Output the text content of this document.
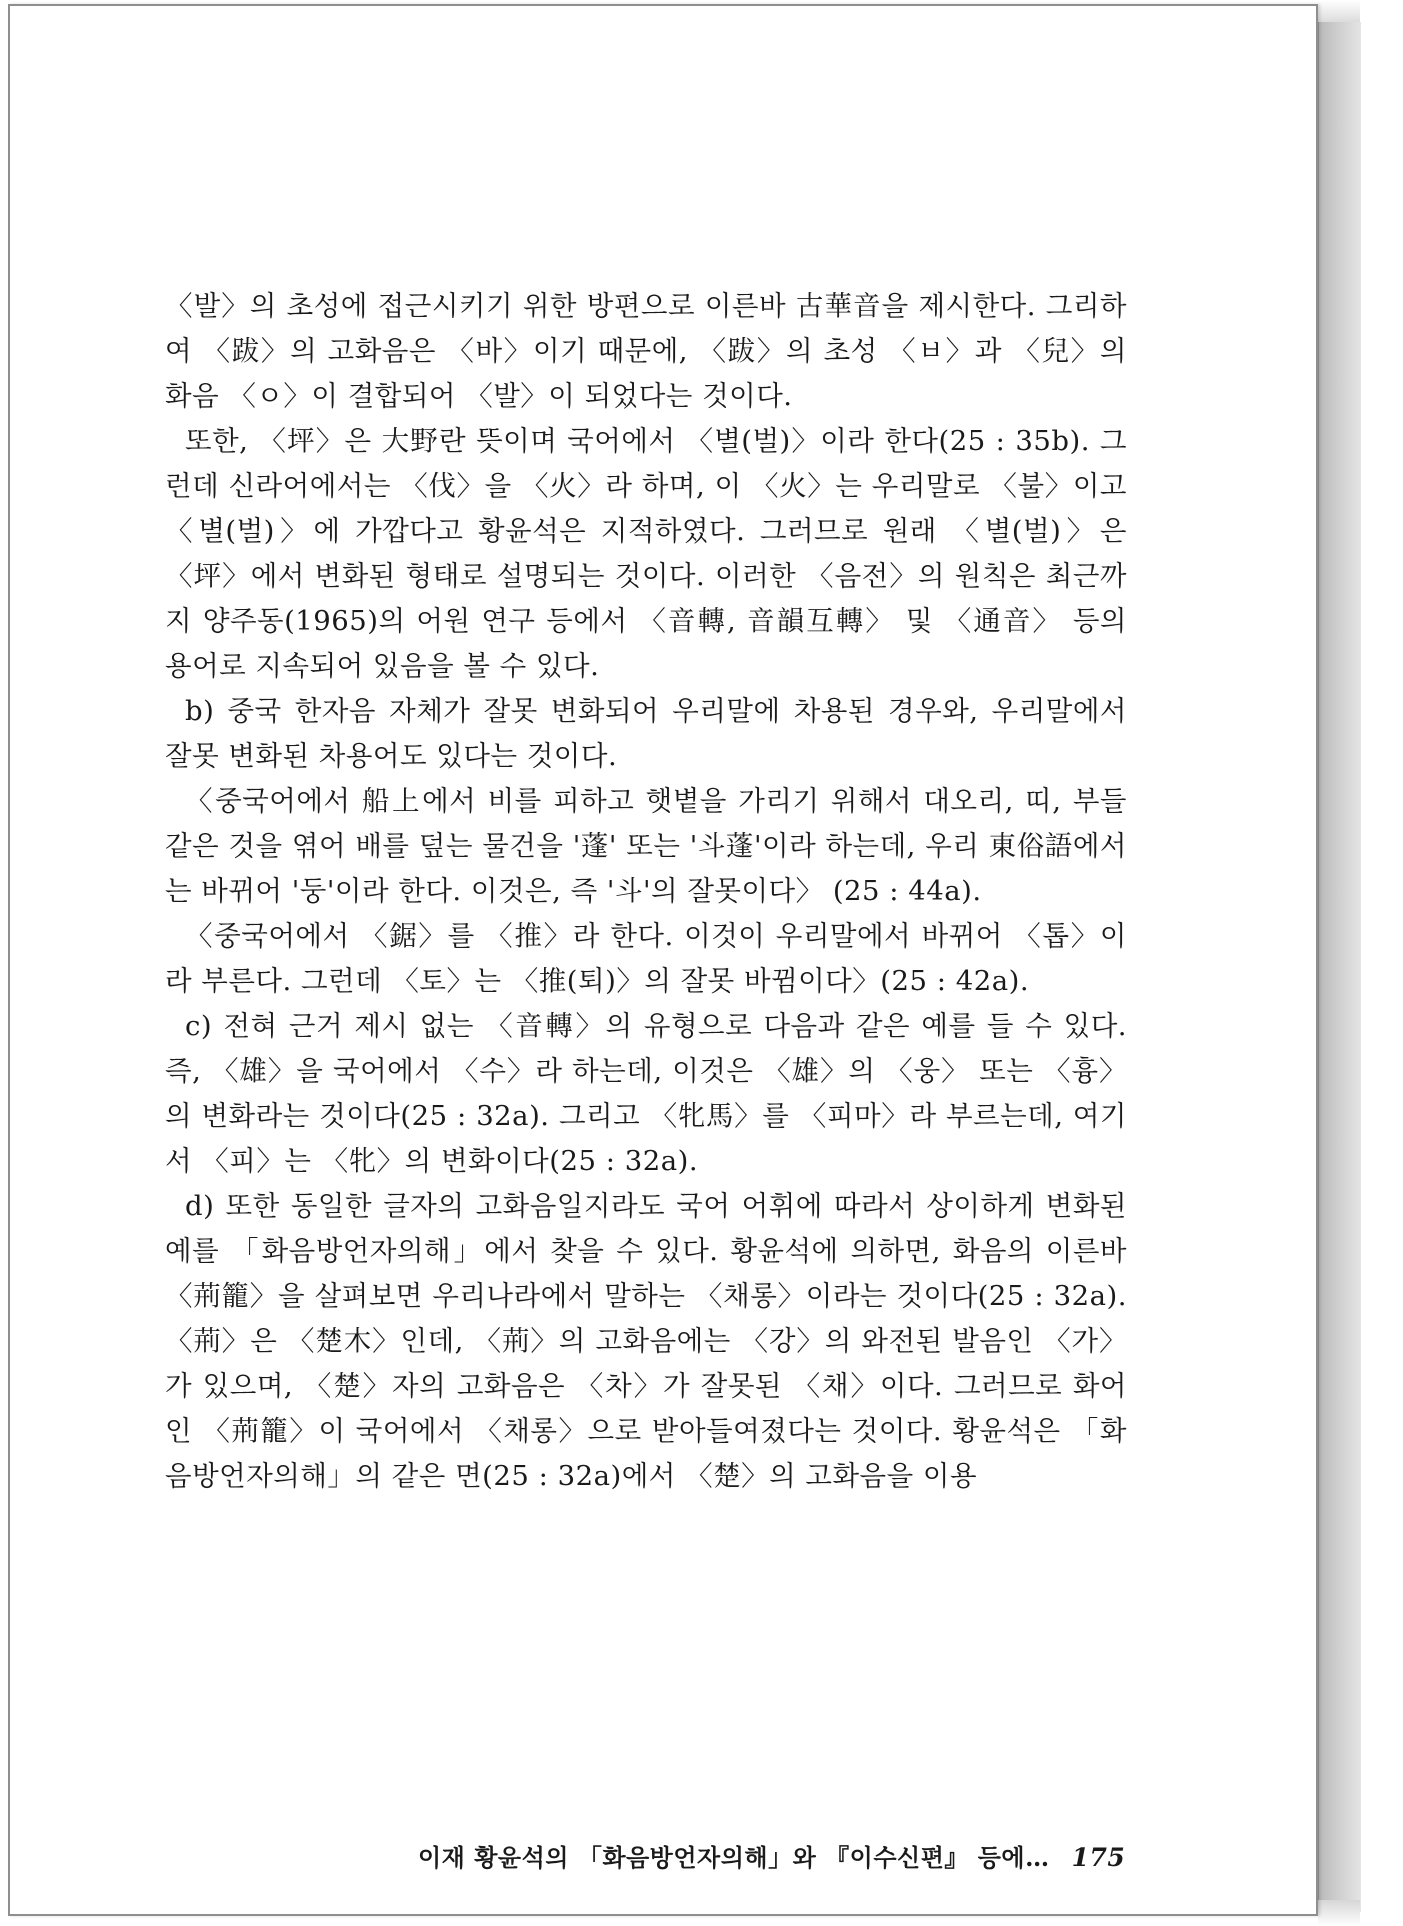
〈발〉의 초성에 접근시키기 위한 방편으로 이른바 古華音을 제시한다. 그리하여 〈跋〉의 고화음은 〈바〉이기 때문에, 〈跋〉의 초성 〈ㅂ〉과 〈兒〉의 화음 〈ㅇ〉이 결합되어 〈발〉이 되었다는 것이다.

또한, 〈坪〉은 大野란 뜻이며 국어에서 〈별(벌)〉이라 한다(25 : 35b). 그런데 신라어에서는 〈伐〉을 〈火〉라 하며, 이 〈火〉는 우리말로 〈불〉이고 〈별(벌)〉에 가깝다고 황윤석은 지적하였다. 그러므로 원래 〈별(벌)〉은 〈坪〉에서 변화된 형태로 설명되는 것이다. 이러한 〈음전〉의 원칙은 최근까지 양주동(1965)의 어원 연구 등에서 〈音轉, 音韻互轉〉 및 〈通音〉 등의 용어로 지속되어 있음을 볼 수 있다.

b) 중국 한자음 자체가 잘못 변화되어 우리말에 차용된 경우와, 우리말에서 잘못 변화된 차용어도 있다는 것이다.

〈중국어에서 船上에서 비를 피하고 햇볕을 가리기 위해서 대오리, 띠, 부들 같은 것을 엮어 배를 덮는 물건을 '蓬' 또는 '斗蓬'이라 하는데, 우리 東俗語에서는 바뀌어 '둥'이라 한다. 이것은, 즉 '斗'의 잘못이다〉 (25 : 44a).

〈중국어에서 〈鋸〉를 〈推〉라 한다. 이것이 우리말에서 바뀌어 〈톱〉이라 부른다. 그런데 〈토〉는 〈推(퇴)〉의 잘못 바뀜이다〉(25 : 42a).

c) 전혀 근거 제시 없는 〈音轉〉의 유형으로 다음과 같은 예를 들 수 있다. 즉, 〈雄〉을 국어에서 〈수〉라 하는데, 이것은 〈雄〉의 〈웅〉 또는 〈흉〉의 변화라는 것이다(25 : 32a). 그리고 〈牝馬〉를 〈피마〉라 부르는데, 여기서 〈피〉는 〈牝〉의 변화이다(25 : 32a).

d) 또한 동일한 글자의 고화음일지라도 국어 어휘에 따라서 상이하게 변화된 예를 「화음방언자의해」에서 찾을 수 있다. 황윤석에 의하면, 화음의 이른바 〈荊籠〉을 살펴보면 우리나라에서 말하는 〈채롱〉이라는 것이다(25 : 32a). 〈荊〉은 〈楚木〉인데, 〈荊〉의 고화음에는 〈강〉의 와전된 발음인 〈가〉가 있으며, 〈楚〉자의 고화음은 〈차〉가 잘못된 〈채〉이다. 그러므로 화어인 〈荊籠〉이 국어에서 〈채롱〉으로 받아들여졌다는 것이다. 황윤석은 「화음방언자의해」의 같은 면(25 : 32a)에서 〈楚〉의 고화음을 이용

이재 황윤석의 「화음방언자의해」와 『이수신편』 등에… 175
